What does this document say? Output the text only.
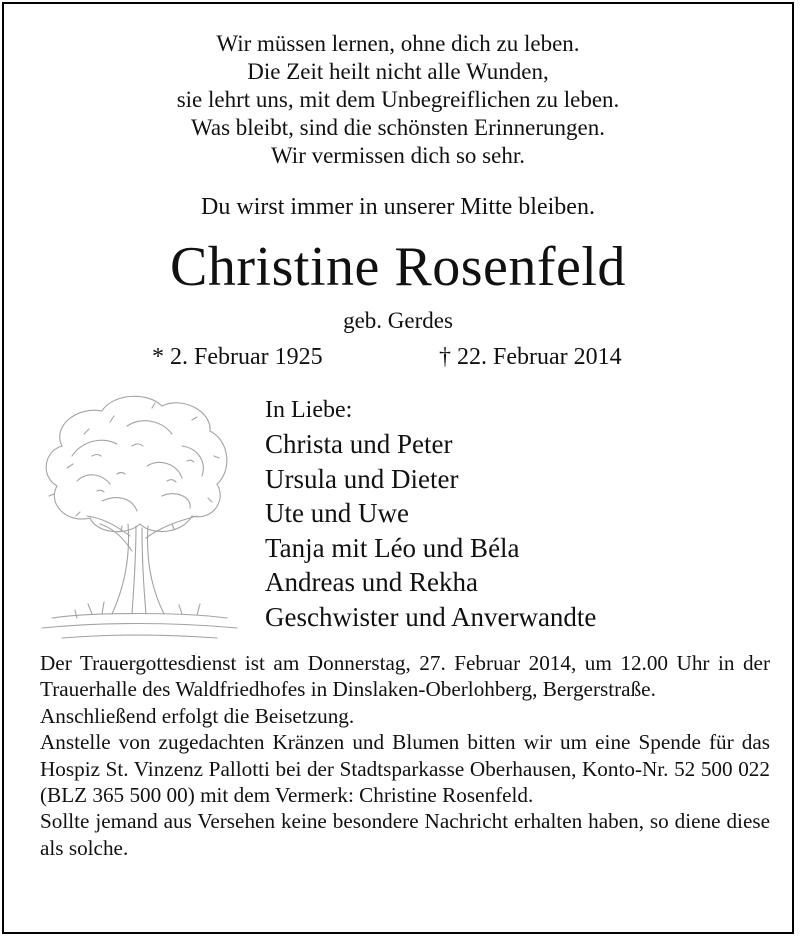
Wir müssen lernen, ohne dich zu leben.
Die Zeit heilt nicht alle Wunden,
sie lehrt uns, mit dem Unbegreiflichen zu leben.
Was bleibt, sind die schönsten Erinnerungen.
Wir vermissen dich so sehr.
Du wirst immer in unserer Mitte bleiben.
Christine Rosenfeld
geb. Gerdes
* 2. Februar 1925	† 22. Februar 2014
In Liebe:
Christa und Peter
Ursula und Dieter
Ute und Uwe
Tanja mit Léo und Béla
Andreas und Rekha
Geschwister und Anverwandte

Der Trauergottesdienst ist am Donnerstag, 27. Februar 2014, um 12.00 Uhr in der Trauerhalle des Waldfriedhofes in Dinslaken-Oberlohberg, Bergerstraße.

Anschließend erfolgt die Beisetzung.

Anstelle von zugedachten Kränzen und Blumen bitten wir um eine Spende für das Hospiz St. Vinzenz Pallotti bei der Stadtsparkasse Oberhausen, Konto-Nr. 52 500 022 (BLZ 365 500 00) mit dem Vermerk: Christine Rosenfeld.

Sollte jemand aus Versehen keine besondere Nachricht erhalten haben, so diene diese als solche.
